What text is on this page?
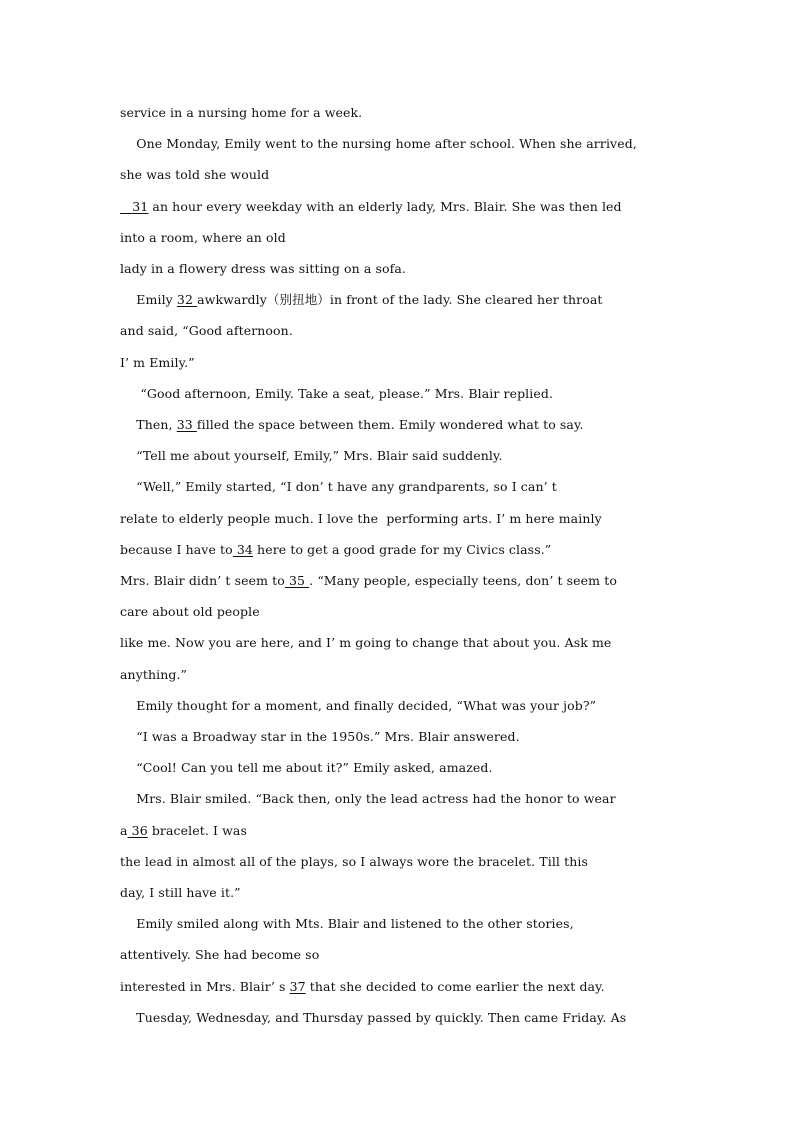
service in a nursing home for a week.
One Monday, Emily went to the nursing home after school. When she arrived,
she was told she would
31 an hour every weekday with an elderly lady, Mrs. Blair. She was then led
into a room, where an old
lady in a flowery dress was sitting on a sofa.
Emily 32 awkwardly（别扭地）in front of the lady. She cleared her throat
and said, “Good afternoon.
I’ m Emily.”
“Good afternoon, Emily. Take a seat, please.” Mrs. Blair replied.
Then, 33 filled the space between them. Emily wondered what to say.
“Tell me about yourself, Emily,” Mrs. Blair said suddenly.
“Well,” Emily started, “I don’ t have any grandparents, so I can’ t
relate to elderly people much. I love the  performing arts. I’ m here mainly
because I have to 34 here to get a good grade for my Civics class.”
Mrs. Blair didn’ t seem to 35 . “Many people, especially teens, don’ t seem to
care about old people
like me. Now you are here, and I’ m going to change that about you. Ask me
anything.”
Emily thought for a moment, and finally decided, “What was your job?”
“I was a Broadway star in the 1950s.” Mrs. Blair answered.
“Cool! Can you tell me about it?” Emily asked, amazed.
Mrs. Blair smiled. “Back then, only the lead actress had the honor to wear
a 36 bracelet. I was
the lead in almost all of the plays, so I always wore the bracelet. Till this
day, I still have it.”
Emily smiled along with Mts. Blair and listened to the other stories,
attentively. She had become so
interested in Mrs. Blair’ s 37 that she decided to come earlier the next day.
Tuesday, Wednesday, and Thursday passed by quickly. Then came Friday. As
